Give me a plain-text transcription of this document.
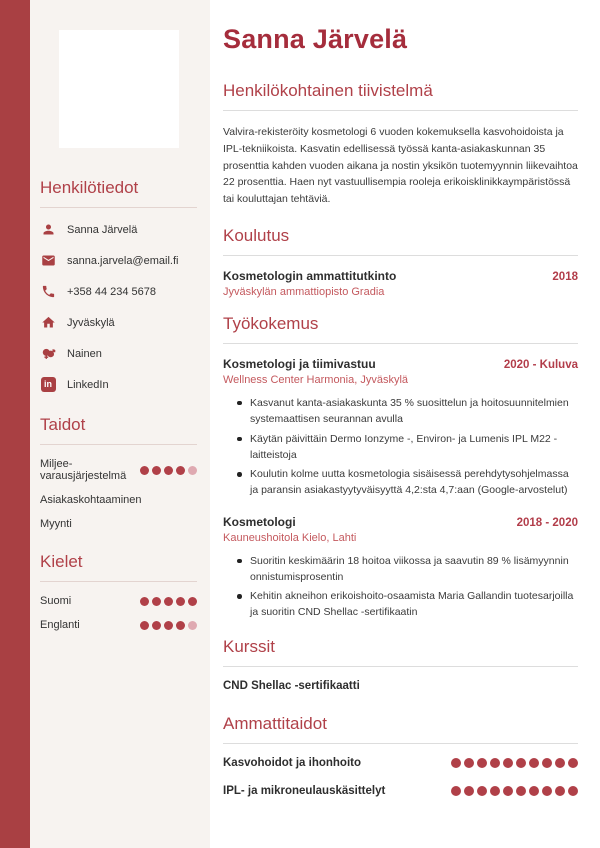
Henkilötiedot
Sanna Järvelä
sanna.jarvela@email.fi
+358 44 234 5678
Jyväskylä
Nainen
in	LinkedIn
Taidot
Miljee-varausjärjestelmä
Asiakaskohtaaminen
Myynti
Kielet
Suomi
Englanti
Sanna Järvelä
Henkilökohtainen tiivistelmä

Valvira-rekisteröity kosmetologi 6 vuoden kokemuksella kasvohoidoista ja IPL-tekniikoista. Kasvatin edellisessä työssä kanta-asiakaskunnan 35 prosenttia kahden vuoden aikana ja nostin yksikön tuotemyynnin liikevaihtoa 22 prosenttia. Haen nyt vastuullisempia rooleja erikoisklinikkaympäristössä tai kouluttajan tehtäviä.

Koulutus
Kosmetologin ammattitutkinto	2018
Jyväskylän ammattiopisto Gradia
Työkokemus
Kosmetologi ja tiimivastuu	2020 - Kuluva
Wellness Center Harmonia, Jyväskylä
Kasvanut kanta-asiakaskunta 35 % suosittelun ja hoitosuunnitelmien systemaattisen seurannan avulla
Käytän päivittäin Dermo Ionzyme -, Environ- ja Lumenis IPL M22 -laitteistoja
Koulutin kolme uutta kosmetologia sisäisessä perehdytysohjelmassa ja paransin asiakastyytyväisyyttä 4,2:sta 4,7:aan (Google-arvostelut)
Kosmetologi	2018 - 2020
Kauneushoitola Kielo, Lahti
Suoritin keskimäärin 18 hoitoa viikossa ja saavutin 89 % lisämyynnin onnistumisprosentin
Kehitin akneihon erikoishoito-osaamista Maria Gallandin tuotesarjoilla ja suoritin CND Shellac -sertifikaatin
Kurssit
CND Shellac -sertifikaatti
Ammattitaidot
Kasvohoidot ja ihonhoito
IPL- ja mikroneulauskäsittelyt
